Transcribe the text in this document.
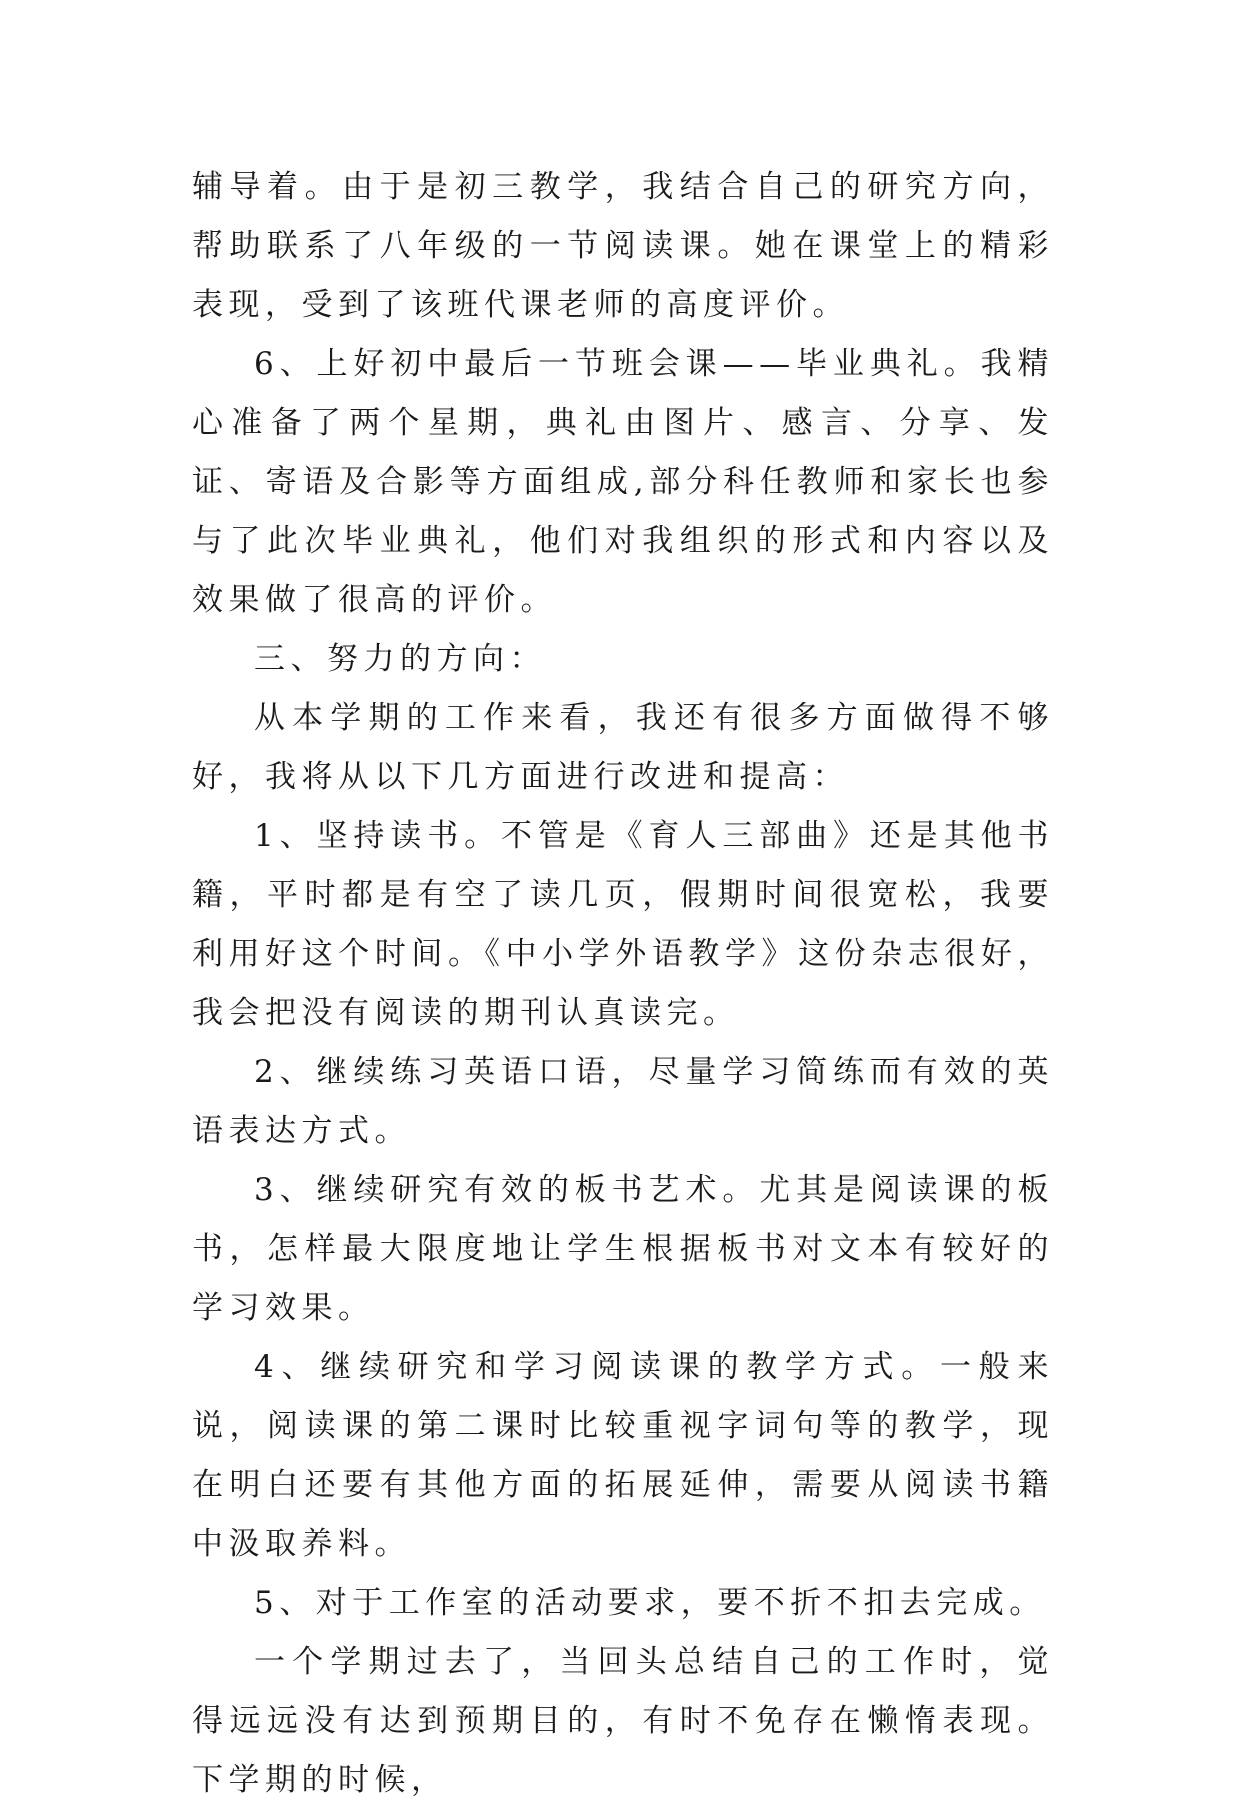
辅导着。由于是初三教学，我结合自己的研究方向，帮助联系了八年级的一节阅读课。她在课堂上的精彩表现，受到了该班代课老师的高度评价。

6、上好初中最后一节班会课——毕业典礼。我精心准备了两个星期，典礼由图片、感言、分享、发证、寄语及合影等方面组成,部分科任教师和家长也参与了此次毕业典礼，他们对我组织的形式和内容以及效果做了很高的评价。

三、努力的方向：

从本学期的工作来看，我还有很多方面做得不够好，我将从以下几方面进行改进和提高：

1、坚持读书。不管是《育人三部曲》还是其他书籍，平时都是有空了读几页，假期时间很宽松，我要利用好这个时间。《中小学外语教学》这份杂志很好，我会把没有阅读的期刊认真读完。

2、继续练习英语口语，尽量学习简练而有效的英语表达方式。

3、继续研究有效的板书艺术。尤其是阅读课的板书，怎样最大限度地让学生根据板书对文本有较好的学习效果。

4、继续研究和学习阅读课的教学方式。一般来说，阅读课的第二课时比较重视字词句等的教学，现在明白还要有其他方面的拓展延伸，需要从阅读书籍中汲取养料。

5、对于工作室的活动要求，要不折不扣去完成。

一个学期过去了，当回头总结自己的工作时，觉得远远没有达到预期目的，有时不免存在懒惰表现。下学期的时候，
